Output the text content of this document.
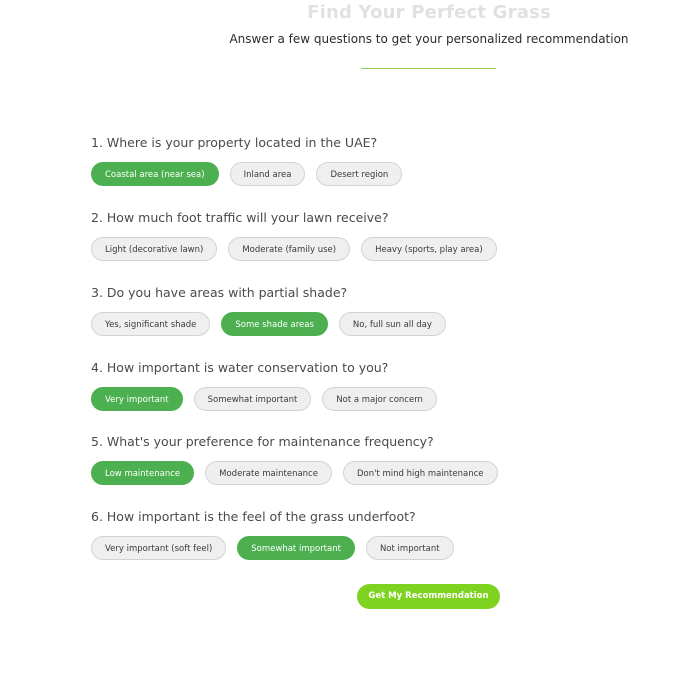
Find Your Perfect Grass
Answer a few questions to get your personalized recommendation

1. Where is your property located in the UAE?

Coastal area (near sea)	Inland area	Desert region

2. How much foot traffic will your lawn receive?

Light (decorative lawn)	Moderate (family use)	Heavy (sports, play area)

3. Do you have areas with partial shade?

Yes, significant shade	Some shade areas	No, full sun all day

4. How important is water conservation to you?

Very important	Somewhat important	Not a major concern

5. What's your preference for maintenance frequency?

Low maintenance	Moderate maintenance	Don't mind high maintenance

6. How important is the feel of the grass underfoot?

Very important (soft feel)	Somewhat important	Not important
Get My Recommendation
